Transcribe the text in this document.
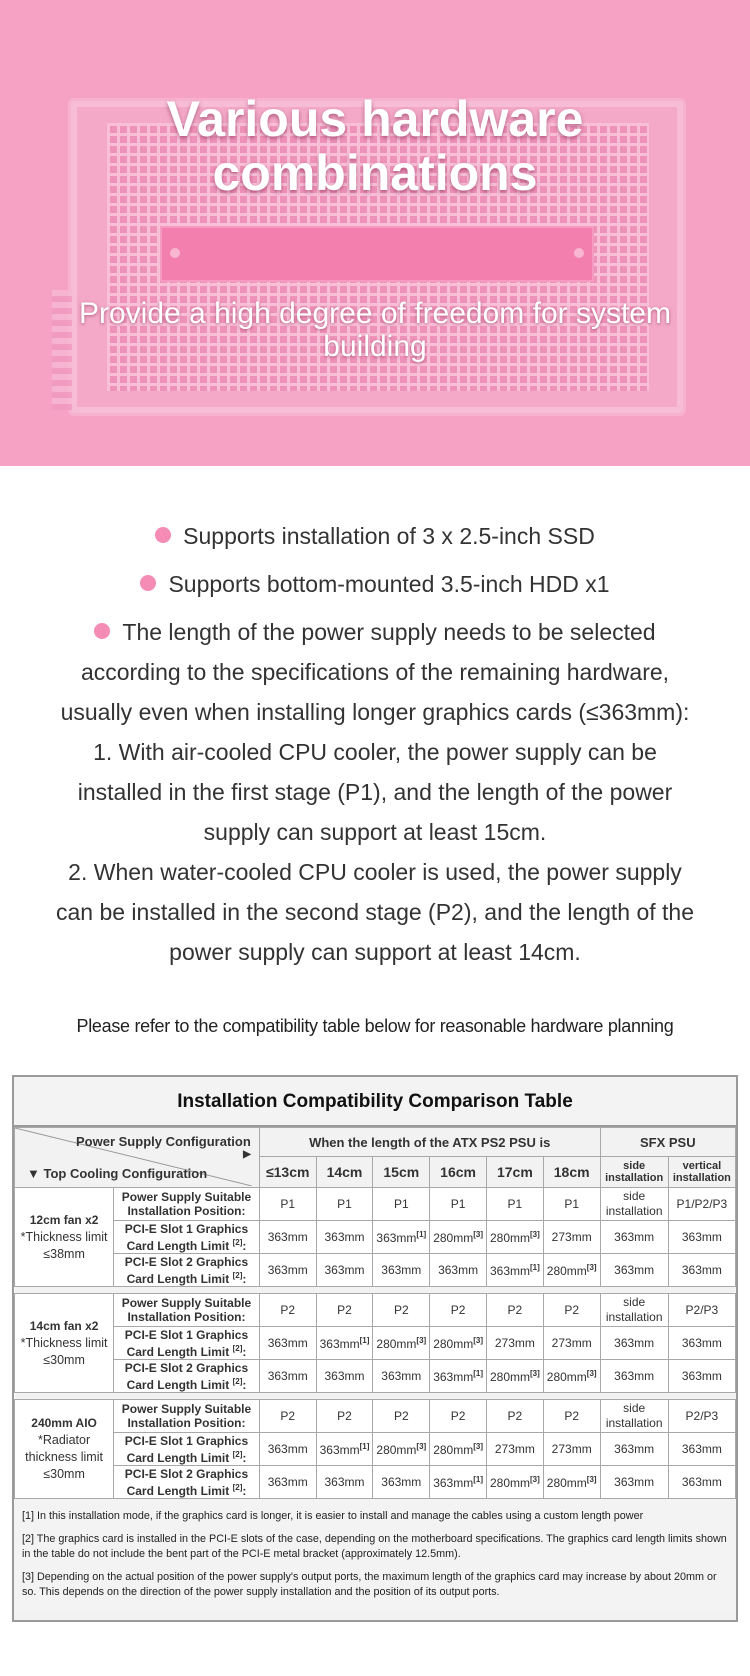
Various hardware combinations

Provide a high degree of freedom for system building

Supports installation of 3 x 2.5-inch SSD
Supports bottom-mounted 3.5-inch HDD x1
The length of the power supply needs to be selected
according to the specifications of the remaining hardware,
usually even when installing longer graphics cards (≤363mm):
1. With air-cooled CPU cooler, the power supply can be
installed in the first stage (P1), and the length of the power
supply can support at least 15cm.
2. When water-cooled CPU cooler is used, the power supply
can be installed in the second stage (P2), and the length of the
power supply can support at least 14cm.
Please refer to the compatibility table below for reasonable hardware planning
Installation Compatibility Comparison Table
Power Supply Configuration
▶
▼ Top Cooling Configuration		When the length of the ATX PS2 PSU is						SFX PSU	
		≤13cm	14cm	15cm	16cm	17cm	18cm	side installation	vertical installation

12cm fan x2
*Thickness limit ≤38mm	Power Supply Suitable Installation Position:	P1	P1	P1	P1	P1	P1	side installation	P1/P2/P3
	PCI-E Slot 1 Graphics Card Length Limit [2]:	363mm	363mm	363mm[1]	280mm[3]	280mm[3]	273mm	363mm	363mm
	PCI-E Slot 2 Graphics Card Length Limit [2]:	363mm	363mm	363mm	363mm	363mm[1]	280mm[3]	363mm	363mm

14cm fan x2
*Thickness limit ≤30mm	Power Supply Suitable Installation Position:	P2	P2	P2	P2	P2	P2	side installation	P2/P3
	PCI-E Slot 1 Graphics Card Length Limit [2]:	363mm	363mm[1]	280mm[3]	280mm[3]	273mm	273mm	363mm	363mm
	PCI-E Slot 2 Graphics Card Length Limit [2]:	363mm	363mm	363mm	363mm[1]	280mm[3]	280mm[3]	363mm	363mm

240mm AIO
*Radiator thickness limit ≤30mm	Power Supply Suitable Installation Position:	P2	P2	P2	P2	P2	P2	side installation	P2/P3
	PCI-E Slot 1 Graphics Card Length Limit [2]:	363mm	363mm[1]	280mm[3]	280mm[3]	273mm	273mm	363mm	363mm
	PCI-E Slot 2 Graphics Card Length Limit [2]:	363mm	363mm	363mm	363mm[1]	280mm[3]	280mm[3]	363mm	363mm

[1] In this installation mode, if the graphics card is longer, it is easier to install and manage the cables using a custom length power

[2] The graphics card is installed in the PCI-E slots of the case, depending on the motherboard specifications. The graphics card length limits shown in the table do not include the bent part of the PCI-E metal bracket (approximately 12.5mm).

[3] Depending on the actual position of the power supply's output ports, the maximum length of the graphics card may increase by about 20mm or so. This depends on the direction of the power supply installation and the position of its output ports.
